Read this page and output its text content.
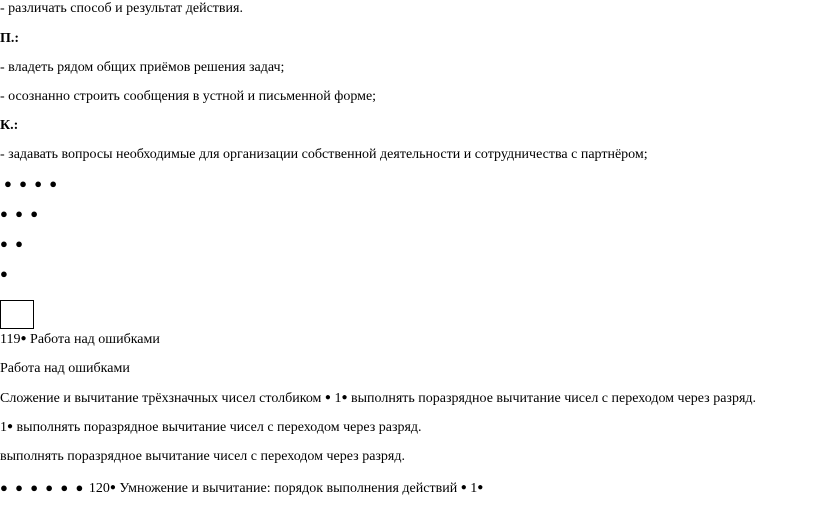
- различать способ и результат действия.
П.:
- владеть рядом общих приёмов решения задач;
- осознанно строить сообщения в устной и письменной форме;
К.:
- задавать вопросы необходимые для организации собственной деятельности и сотрудничества с партнёром;
● ● ● ●
● ● ●
● ●
●
119● Работа над ошибками
Работа над ошибками
Сложение и вычитание трёхзначных чисел столбиком ● 1● выполнять поразрядное вычитание чисел с переходом через разряд.
1● выполнять поразрядное вычитание чисел с переходом через разряд.
выполнять поразрядное вычитание чисел с переходом через разряд.
● ● ● ● ● ● 120● Умножение и вычитание: порядок выполнения действий ● 1●
